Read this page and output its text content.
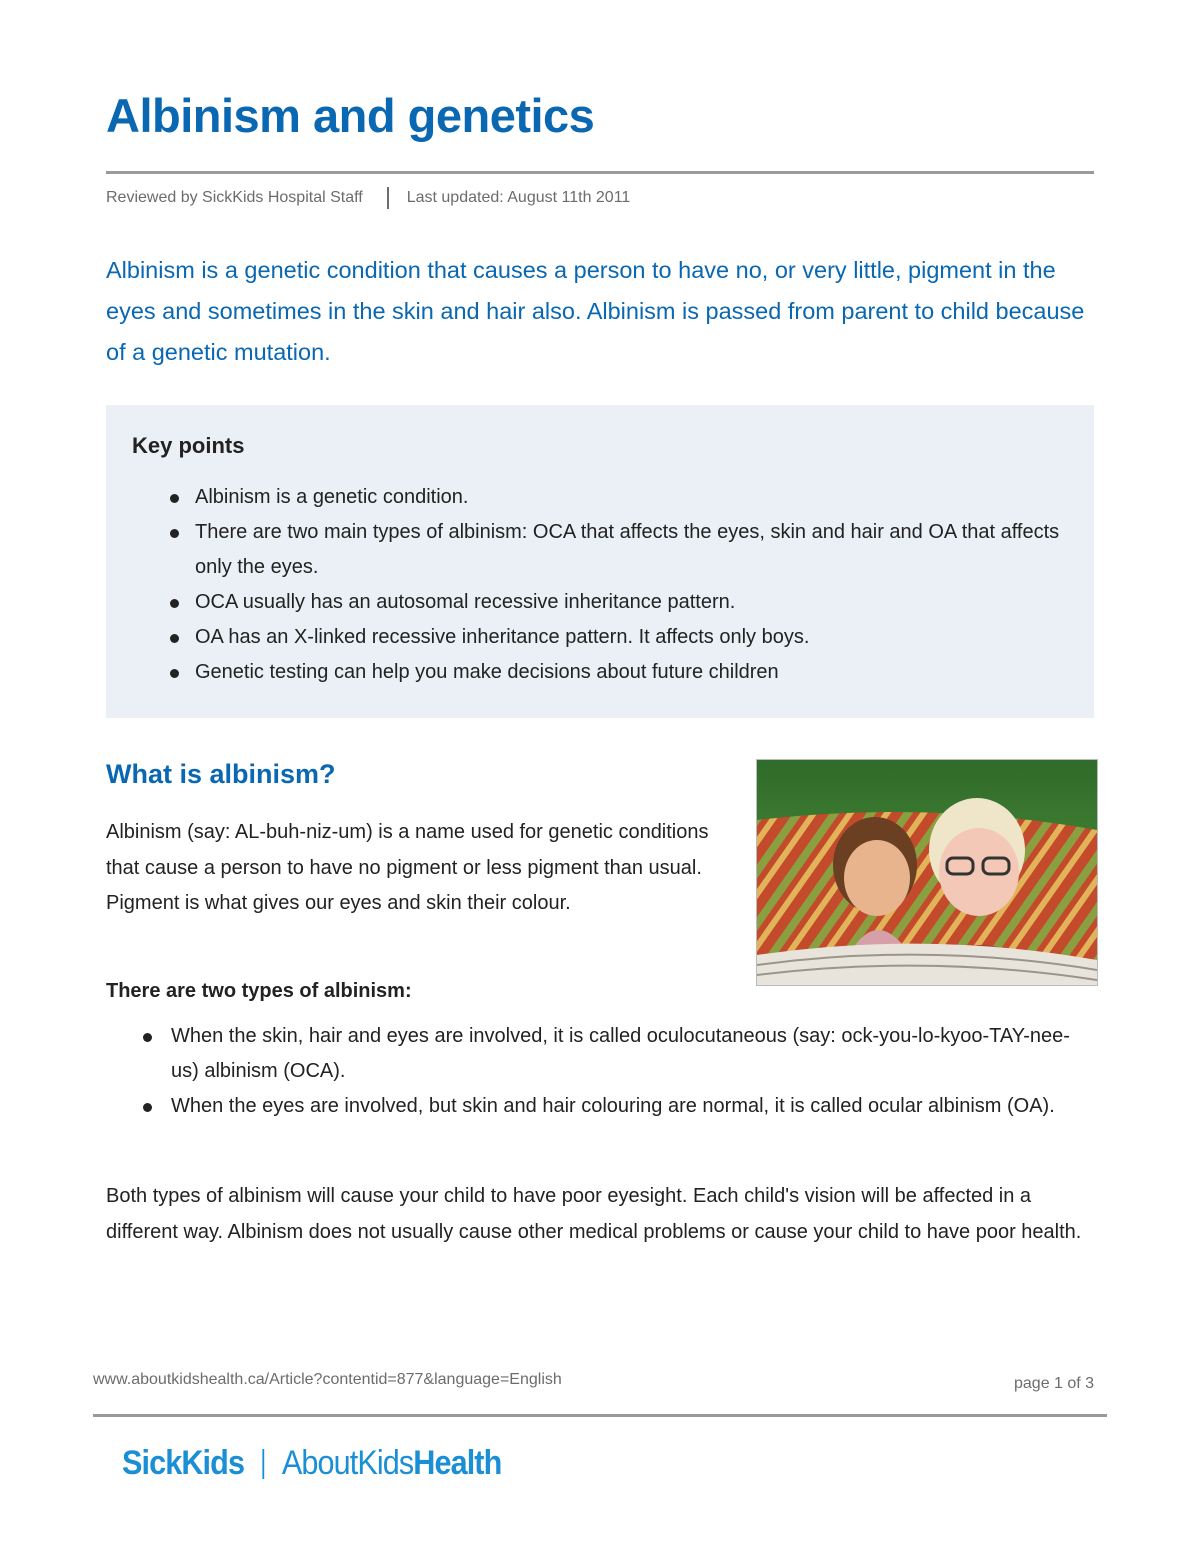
Albinism and genetics
Reviewed by SickKids Hospital Staff	Last updated: August 11th 2011

Albinism is a genetic condition that causes a person to have no, or very little, pigment in the eyes and sometimes in the skin and hair also. Albinism is passed from parent to child because of a genetic mutation.

Key points
Albinism is a genetic condition.
There are two main types of albinism: OCA that affects the eyes, skin and hair and OA that affects only the eyes.
OCA usually has an autosomal recessive inheritance pattern.
OA has an X-linked recessive inheritance pattern. It affects only boys.
Genetic testing can help you make decisions about future children
What is albinism?

Albinism (say: AL-buh-niz-um) is a name used for genetic conditions that cause a person to have no pigment or less pigment than usual. Pigment is what gives our eyes and skin their colour.

There are two types of albinism:
When the skin, hair and eyes are involved, it is called oculocutaneous (say: ock-you-lo-kyoo-TAY-nee-us) albinism (OCA).
When the eyes are involved, but skin and hair colouring are normal, it is called ocular albinism (OA).

Both types of albinism will cause your child to have poor eyesight. Each child's vision will be affected in a different way. Albinism does not usually cause other medical problems or cause your child to have poor health.

www.aboutkidshealth.ca/Article?contentid=877&language=English	page 1 of 3
SickKids AboutKids Health
